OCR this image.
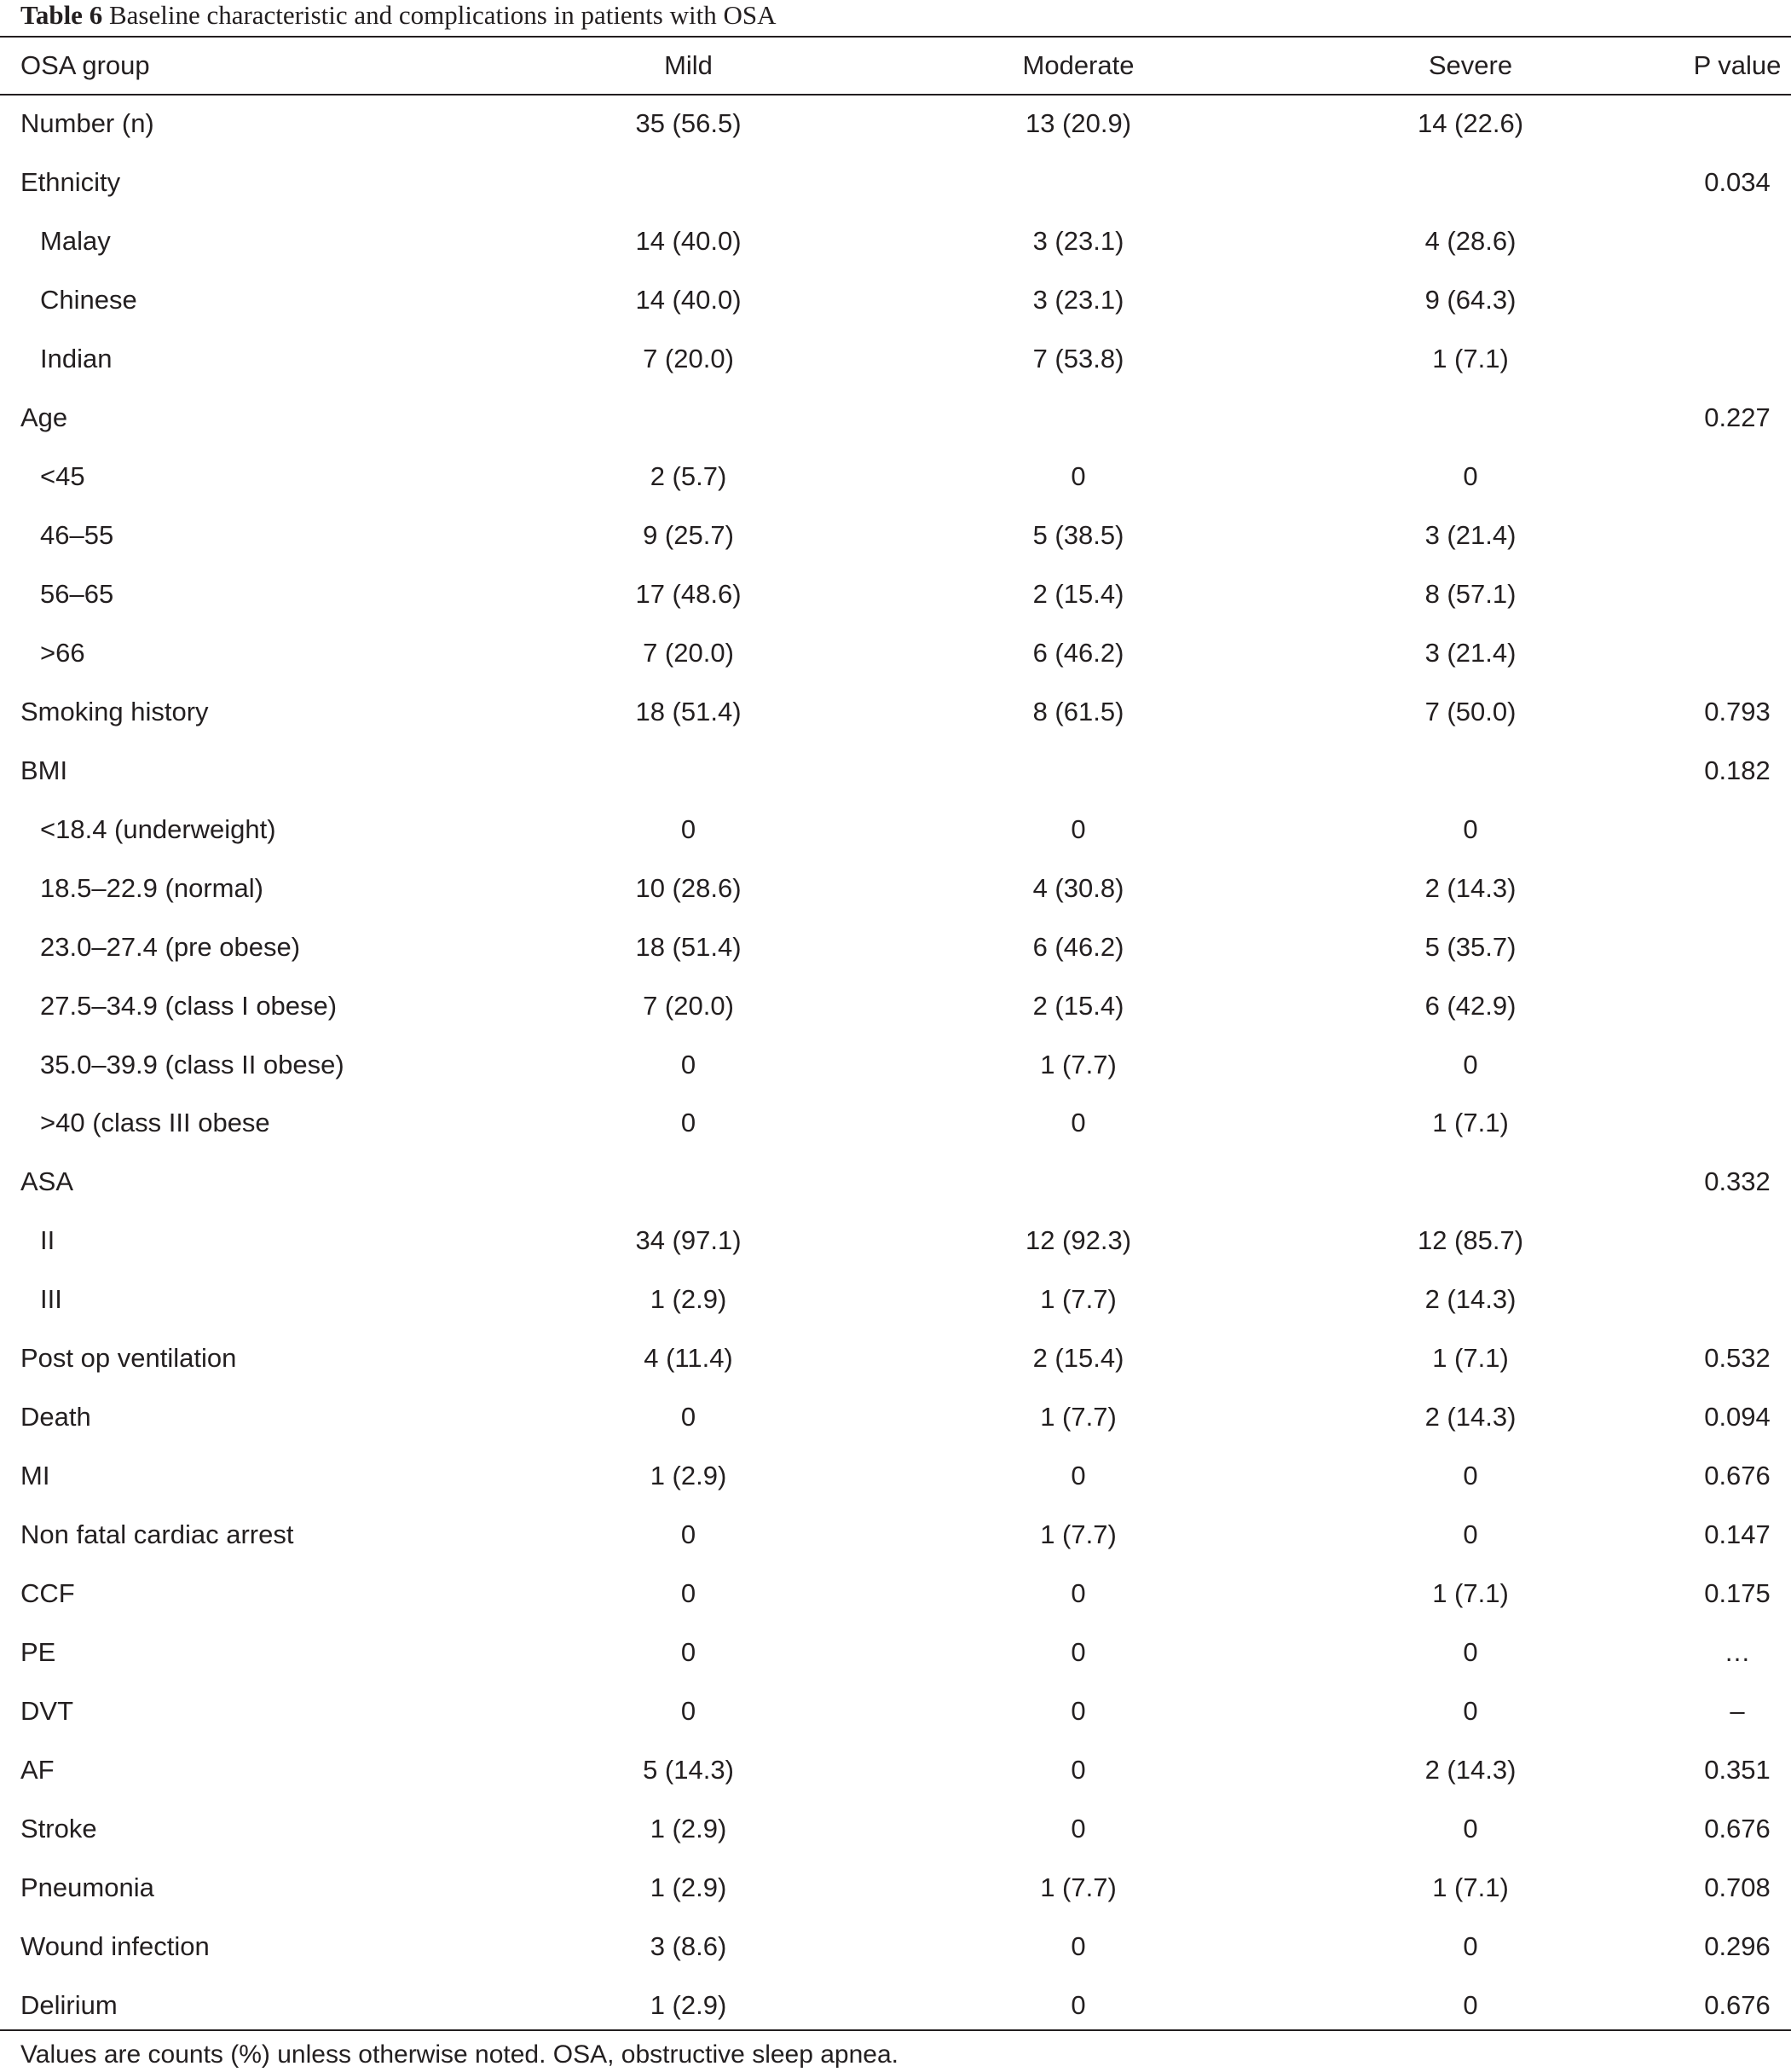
Table 6 Baseline characteristic and complications in patients with OSA
OSA group	Mild	Moderate	Severe	P value
Number (n)	35 (56.5)	13 (20.9)	14 (22.6)	
Ethnicity				0.034
Malay	14 (40.0)	3 (23.1)	4 (28.6)	
Chinese	14 (40.0)	3 (23.1)	9 (64.3)	
Indian	7 (20.0)	7 (53.8)	1 (7.1)	
Age				0.227
<45	2 (5.7)	0	0	
46–55	9 (25.7)	5 (38.5)	3 (21.4)	
56–65	17 (48.6)	2 (15.4)	8 (57.1)	
>66	7 (20.0)	6 (46.2)	3 (21.4)	
Smoking history	18 (51.4)	8 (61.5)	7 (50.0)	0.793
BMI				0.182
<18.4 (underweight)	0	0	0	
18.5–22.9 (normal)	10 (28.6)	4 (30.8)	2 (14.3)	
23.0–27.4 (pre obese)	18 (51.4)	6 (46.2)	5 (35.7)	
27.5–34.9 (class I obese)	7 (20.0)	2 (15.4)	6 (42.9)	
35.0–39.9 (class II obese)	0	1 (7.7)	0	
>40 (class III obese	0	0	1 (7.1)	
ASA				0.332
II	34 (97.1)	12 (92.3)	12 (85.7)	
III	1 (2.9)	1 (7.7)	2 (14.3)	
Post op ventilation	4 (11.4)	2 (15.4)	1 (7.1)	0.532
Death	0	1 (7.7)	2 (14.3)	0.094
MI	1 (2.9)	0	0	0.676
Non fatal cardiac arrest	0	1 (7.7)	0	0.147
CCF	0	0	1 (7.1)	0.175
PE	0	0	0	…
DVT	0	0	0	–
AF	5 (14.3)	0	2 (14.3)	0.351
Stroke	1 (2.9)	0	0	0.676
Pneumonia	1 (2.9)	1 (7.7)	1 (7.1)	0.708
Wound infection	3 (8.6)	0	0	0.296
Delirium	1 (2.9)	0	0	0.676
Values are counts (%) unless otherwise noted. OSA, obstructive sleep apnea.
